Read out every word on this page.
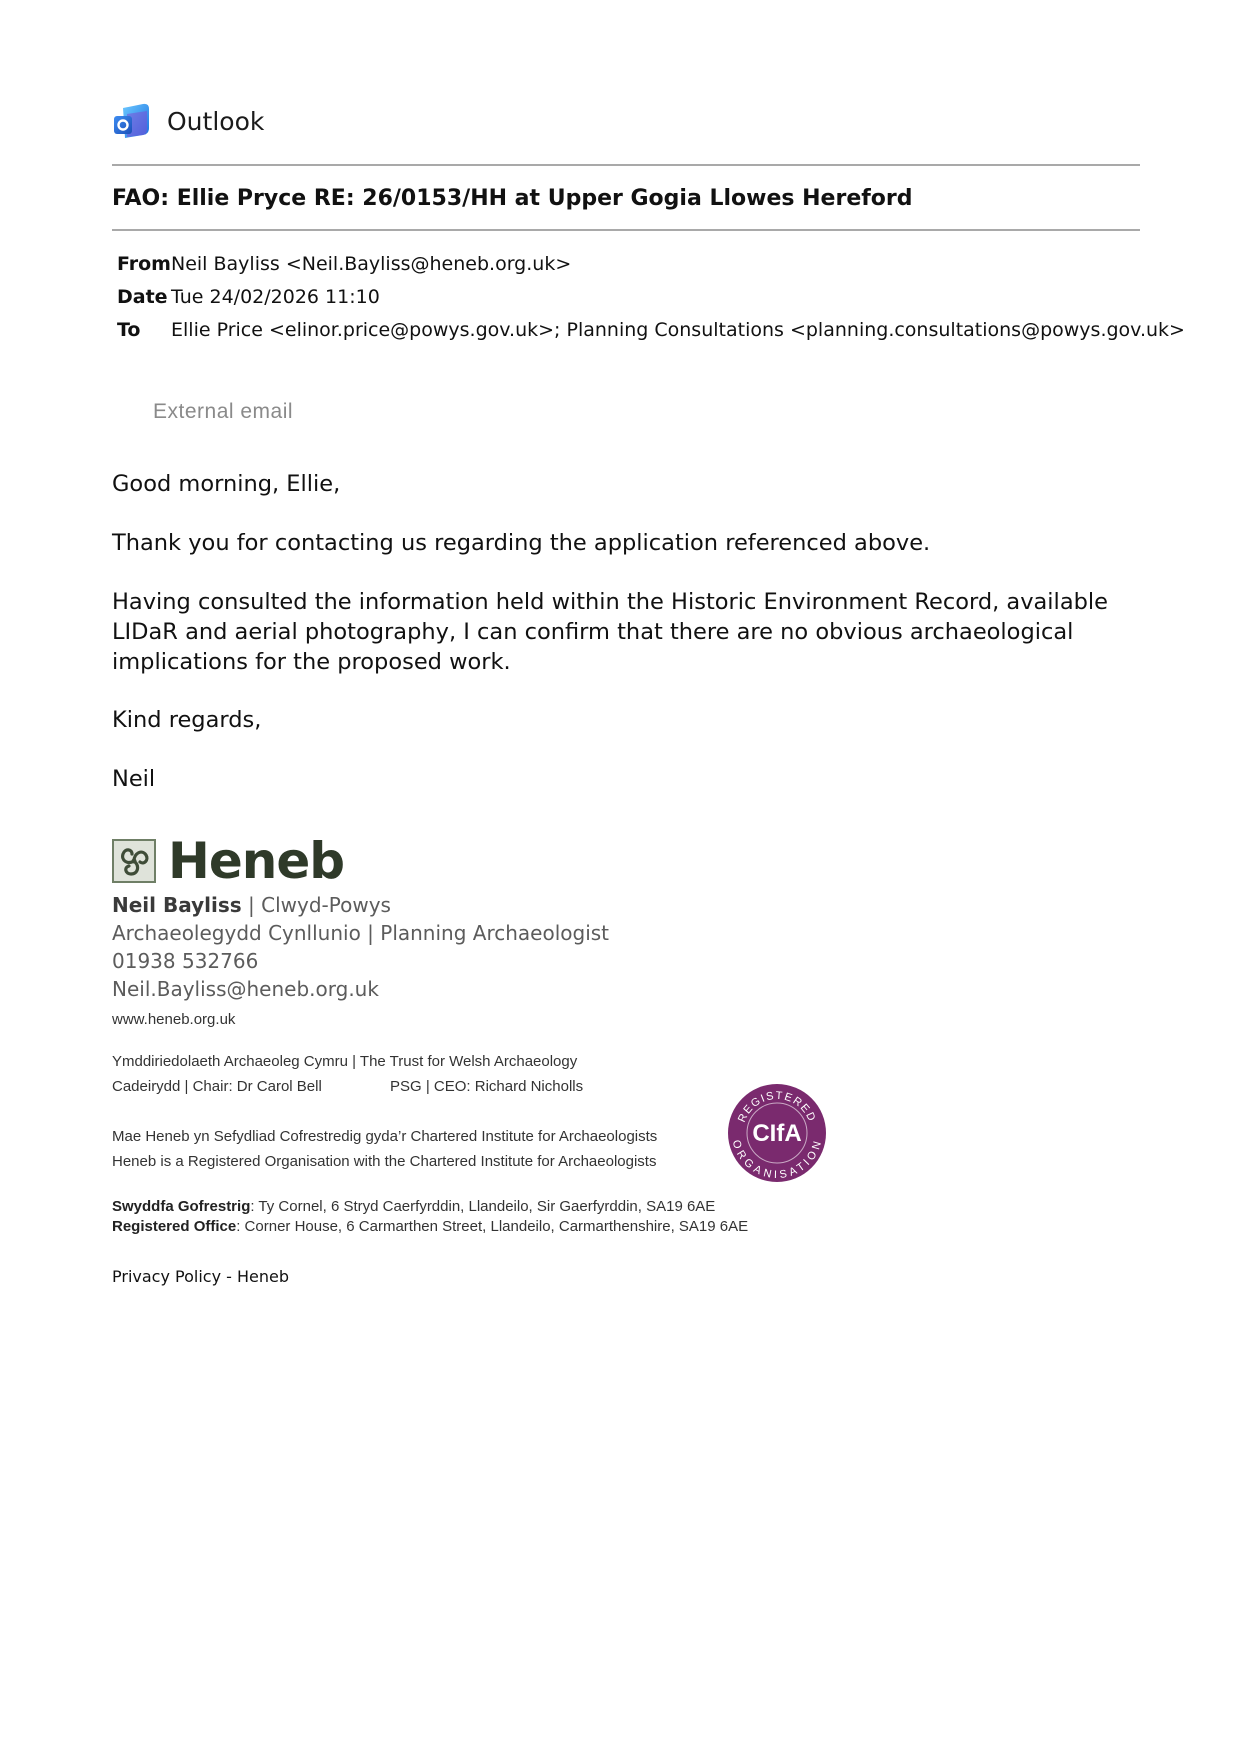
Outlook
FAO: Ellie Pryce RE: 26/0153/HH at Upper Gogia Llowes Hereford
FromNeil Bayliss <Neil.Bayliss@heneb.org.uk>
Date Tue 24/02/2026 11:10
To Ellie Price <elinor.price@powys.gov.uk>; Planning Consultations <planning.consultations@powys.gov.uk>
External email
Good morning, Ellie,
Thank you for contacting us regarding the application referenced above.
Having consulted the information held within the Historic Environment Record, available LIDaR and aerial photography, I can confirm that there are no obvious archaeological implications for the proposed work.
Kind regards,
Neil
Heneb
Neil Bayliss | Clwyd-Powys
Archaeolegydd Cynllunio | Planning Archaeologist
01938 532766
Neil.Bayliss@heneb.org.uk
www.heneb.org.uk
Ymddiriedolaeth Archaeoleg Cymru | The Trust for Welsh Archaeology
Cadeirydd | Chair: Dr Carol Bell	PSG | CEO: Richard Nicholls
Mae Heneb yn Sefydliad Cofrestredig gyda’r Chartered Institute for Archaeologists
Heneb is a Registered Organisation with the Chartered Institute for Archaeologists
CIfA
REGISTERED
ORGANISATION
Swyddfa Gofrestrig: Ty Cornel, 6 Stryd Caerfyrddin, Llandeilo, Sir Gaerfyrddin, SA19 6AE
Registered Office: Corner House, 6 Carmarthen Street, Llandeilo, Carmarthenshire, SA19 6AE
Privacy Policy - Heneb
